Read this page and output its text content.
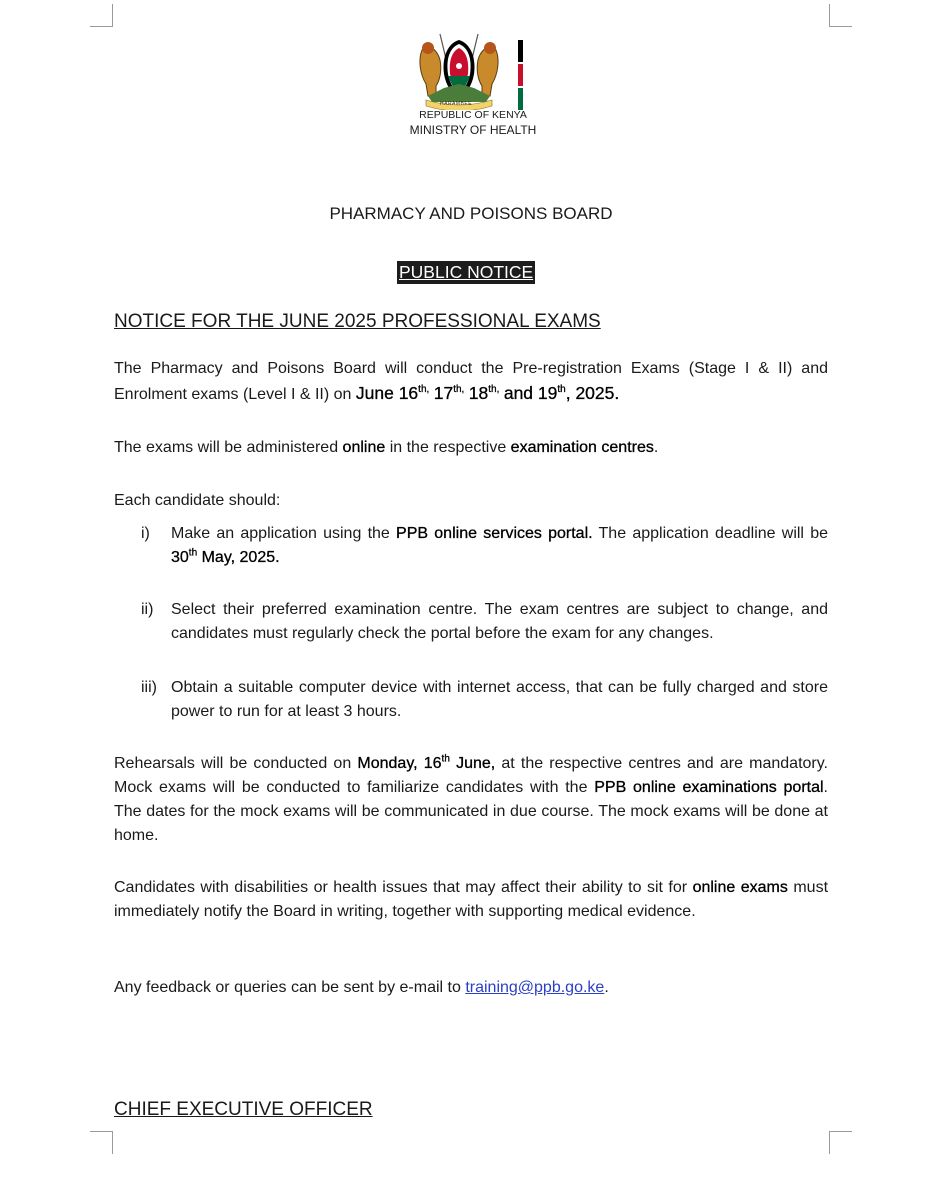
HARAMBEE
REPUBLIC OF KENYA
MINISTRY OF HEALTH
PHARMACY AND POISONS BOARD
PUBLIC NOTICE
NOTICE FOR THE JUNE 2025 PROFESSIONAL EXAMS
The Pharmacy and Poisons Board will conduct the Pre-registration Exams (Stage I & II) and Enrolment exams (Level I & II) on June $16^{th,}$ $17^{th,}$ $18^{th,}$ and 19th, 2025.
The exams will be administered online in the respective examination centres.
Each candidate should:
i)	Make an application using the PPB online services portal. The application deadline will be 30th May, 2025.
ii)	Select their preferred examination centre. The exam centres are subject to change, and candidates must regularly check the portal before the exam for any changes.
iii) Obtain a suitable computer device with internet access, that can be fully charged and store power to run for at least 3 hours.
Rehearsals will be conducted on Monday, 16th June, at the respective centres and are mandatory. Mock exams will be conducted to familiarize candidates with the PPB online examinations portal. The dates for the mock exams will be communicated in due course. The mock exams will be done at home.
Candidates with disabilities or health issues that may affect their ability to sit for online exams must immediately notify the Board in writing, together with supporting medical evidence.
Any feedback or queries can be sent by e-mail to training@ppb.go.ke.
CHIEF EXECUTIVE OFFICER
